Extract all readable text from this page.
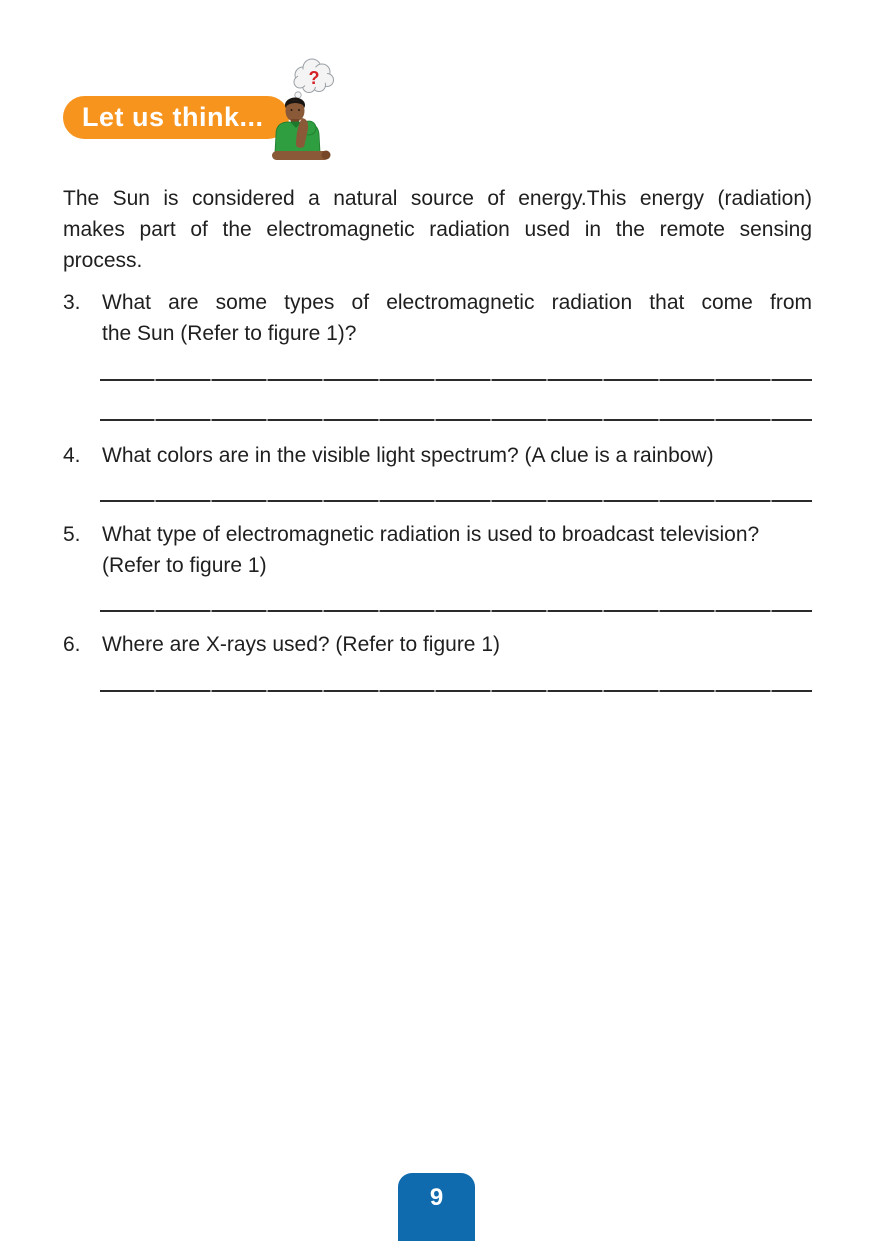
Let us think...
?
The Sun is considered a natural source of energy.This energy (radiation)
makes part of the electromagnetic radiation used in the remote sensing
process.
3.	What are some types of electromagnetic radiation that come from
the Sun (Refer to figure 1)?
4.	What colors are in the visible light spectrum? (A clue is a rainbow)
5.	What type of electromagnetic radiation is used to broadcast television?
(Refer to figure 1)
6.	Where are X-rays used? (Refer to figure 1)
9
